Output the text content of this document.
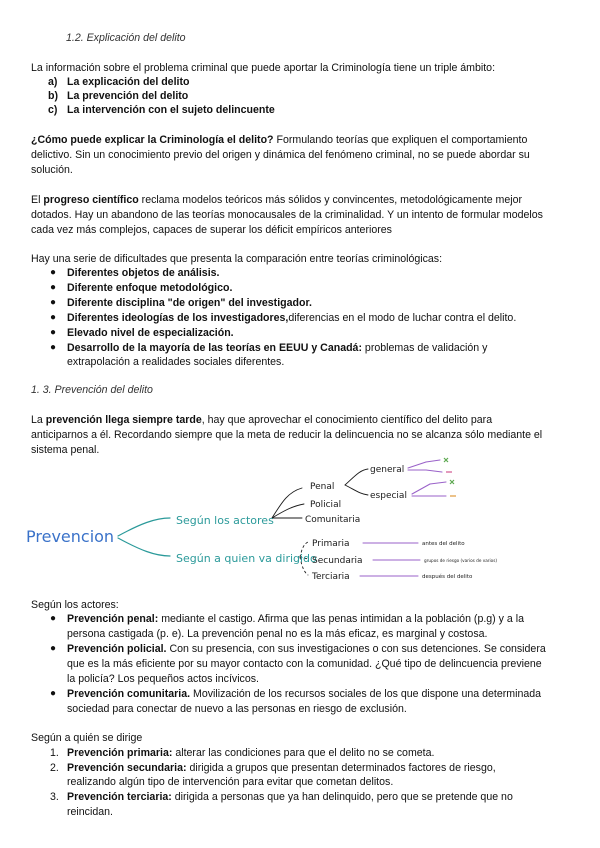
1.2. Explicación del delito
La información sobre el problema criminal que puede aportar la Criminología tiene un triple ámbito:
a) La explicación del delito
b) La prevención del delito
c) La intervención con el sujeto delincuente
¿Cómo puede explicar la Criminología el delito? Formulando teorías que expliquen el comportamiento
delictivo. Sin un conocimiento previo del origen y dinámica del fenómeno criminal, no se puede abordar su
solución.
El progreso científico reclama modelos teóricos más sólidos y convincentes, metodológicamente mejor
dotados. Hay un abandono de las teorías monocausales de la criminalidad. Y un intento de formular modelos
cada vez más complejos, capaces de superar los déficit empíricos anteriores
Hay una serie de dificultades que presenta la comparación entre teorías criminológicas:
● Diferentes objetos de análisis.
● Diferente enfoque metodológico.
● Diferente disciplina "de origen" del investigador.
● Diferentes ideologías de los investigadores,diferencias en el modo de luchar contra el delito.
● Elevado nivel de especialización.
● Desarrollo de la mayoría de las teorías en EEUU y Canadá: problemas de validación y
extrapolación a realidades sociales diferentes.
1. 3. Prevención del delito
La prevención llega siempre tarde, hay que aprovechar el conocimiento científico del delito para
anticiparnos a él. Recordando siempre que la meta de reducir la delincuencia no se alcanza sólo mediante el
sistema penal.
Prevencion
Según los actores
Según a quien va dirigido
Penal
Policial
Comunitaria
general
especial
Primaria
Secundaria
Terciaria
antes del delito
grupos de riesgo (varios de varios)
después del delito
Según los actores:
● Prevención penal: mediante el castigo. Afirma que las penas intimidan a la población (p.g) y a la
persona castigada (p. e). La prevención penal no es la más eficaz, es marginal y costosa.
● Prevención policial. Con su presencia, con sus investigaciones o con sus detenciones. Se considera
que es la más eficiente por su mayor contacto con la comunidad. ¿Qué tipo de delincuencia previene
la policía? Los pequeños actos incívicos.
● Prevención comunitaria. Movilización de los recursos sociales de los que dispone una determinada
sociedad para conectar de nuevo a las personas en riesgo de exclusión.
Según a quién se dirige
1. Prevención primaria: alterar las condiciones para que el delito no se cometa.
2. Prevención secundaria: dirigida a grupos que presentan determinados factores de riesgo,
realizando algún tipo de intervención para evitar que cometan delitos.
3. Prevención terciaria: dirigida a personas que ya han delinquido, pero que se pretende que no
reincidan.
